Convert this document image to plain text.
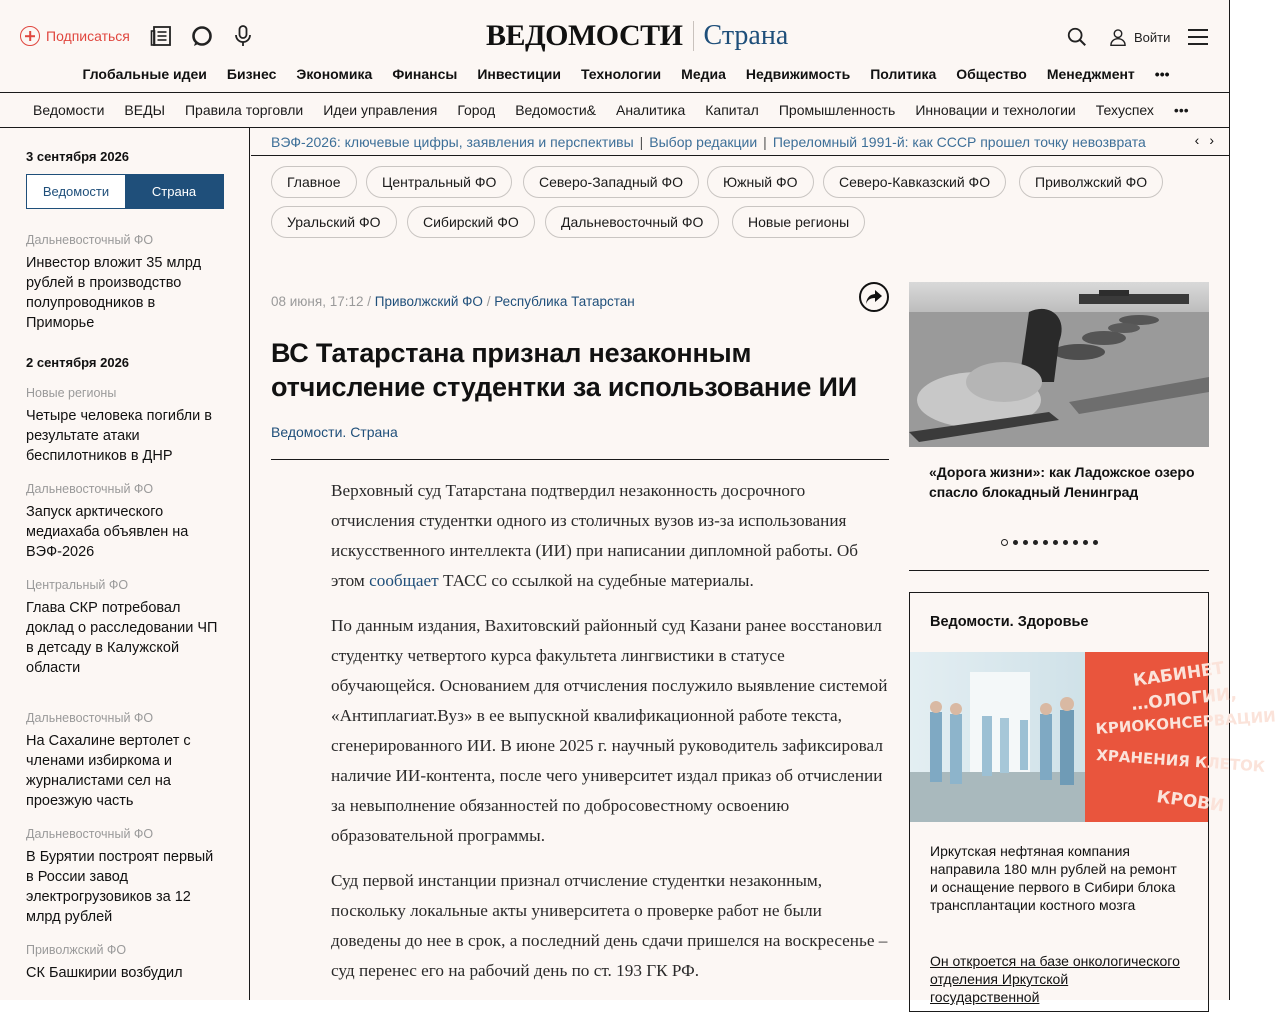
Подписаться	ВЕДОМОСТИ Страна	Войти
Глобальные идеи Бизнес Экономика Финансы Инвестиции Технологии Медиа Недвижимость Политика Общество Менеджмент •••
Ведомости ВЕДЫ Правила торговли Идеи управления Город Ведомости& Аналитика Капитал Промышленность Инновации и технологии Техуспех •••
3 сентября 2026
Ведомости	Страна
Дальневосточный ФО
Инвестор вложит 35 млрд рублей в производство полупроводников в Приморье
2 сентября 2026
Новые регионы
Четыре человека погибли в результате атаки беспилотников в ДНР
Дальневосточный ФО
Запуск арктического медиахаба объявлен на ВЭФ-2026
Центральный ФО
Глава СКР потребовал доклад о расследовании ЧП в детсаду в Калужской области
Дальневосточный ФО
На Сахалине вертолет с членами избиркома и журналистами сел на проезжую часть
Дальневосточный ФО
В Бурятии построят первый в России завод электрогрузовиков за 12 млрд рублей
Приволжский ФО
СК Башкирии возбудил
ВЭФ-2026: ключевые цифры, заявления и перспективы | Выбор редакции | Переломный 1991-й: как СССР прошел точку невозврата	‹ ›
Главное	Центральный ФО	Северо-Западный ФО	Южный ФО	Северо-Кавказский ФО	Приволжский ФО
Уральский ФО	Сибирский ФО	Дальневосточный ФО	Новые регионы
08 июня, 17:12 / Приволжский ФО / Республика Татарстан
ВС Татарстана признал незаконным отчисление студентки за использование ИИ
Ведомости. Страна

Верховный суд Татарстана подтвердил незаконность досрочного отчисления студентки одного из столичных вузов из-за использования искусственного интеллекта (ИИ) при написании дипломной работы. Об этом сообщает ТАСС со ссылкой на судебные материалы.

По данным издания, Вахитовский районный суд Казани ранее восстановил студентку четвертого курса факультета лингвистики в статусе обучающейся. Основанием для отчисления послужило выявление системой «Антиплагиат.Вуз» в ее выпускной квалификационной работе текста, сгенерированного ИИ. В июне 2025 г. научный руководитель зафиксировал наличие ИИ-контента, после чего университет издал приказ об отчислении за невыполнение обязанностей по добросовестному освоению образовательной программы.

Суд первой инстанции признал отчисление студентки незаконным, поскольку локальные акты университета о проверке работ не были доведены до нее в срок, а последний день сдачи пришелся на воскресенье – суд перенес его на рабочий день по ст. 193 ГК РФ.

«Дорога жизни»: как Ладожское озеро спасло блокадный Ленинград
Ведомости. Здоровье
КАБИНЕТ
…ОЛОГИИ,
КРИОКОНСЕРВАЦИИ
ХРАНЕНИЯ КЛЕТОК
КРОВИ
Иркутская нефтяная компания направила 180 млн рублей на ремонт и оснащение первого в Сибири блока трансплантации костного мозга
Он откроется на базе онкологического отделения Иркутской государственной
